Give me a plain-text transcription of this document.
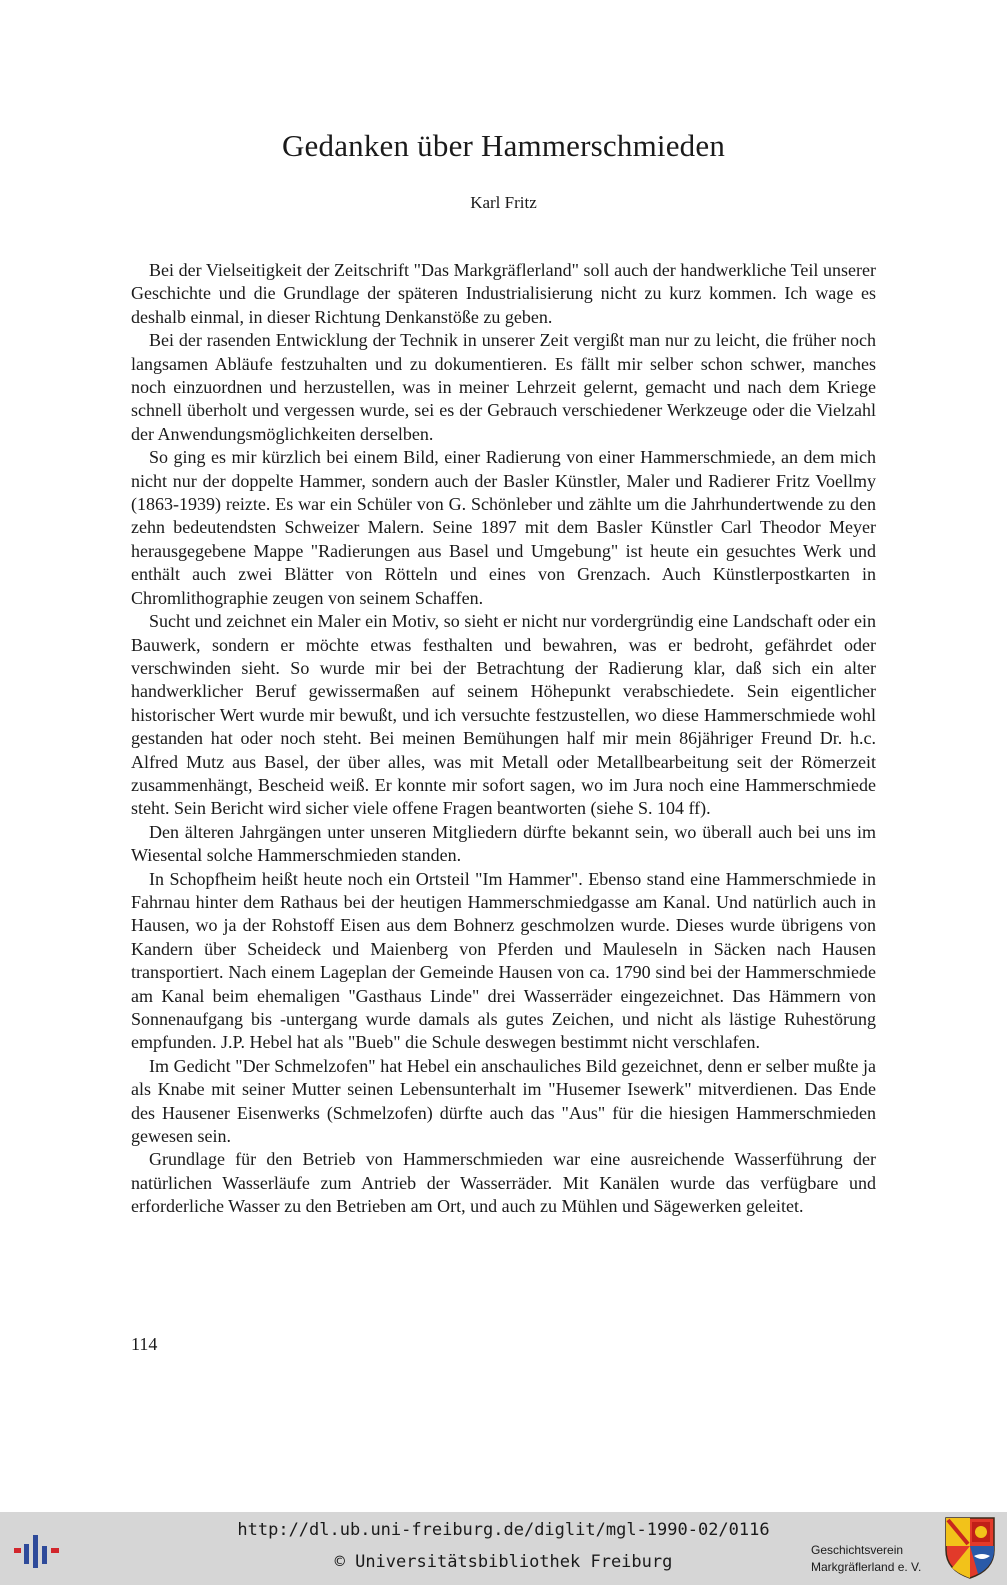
Gedanken über Hammerschmieden
Karl Fritz

Bei der Vielseitigkeit der Zeitschrift "Das Markgräflerland" soll auch der handwerkliche Teil unserer Geschichte und die Grundlage der späteren Industrialisierung nicht zu kurz kommen. Ich wage es deshalb einmal, in dieser Richtung Denkanstöße zu geben.

Bei der rasenden Entwicklung der Technik in unserer Zeit vergißt man nur zu leicht, die früher noch langsamen Abläufe festzuhalten und zu dokumentieren. Es fällt mir selber schon schwer, manches noch einzuordnen und herzustellen, was in meiner Lehrzeit gelernt, gemacht und nach dem Kriege schnell überholt und vergessen wurde, sei es der Gebrauch verschiedener Werkzeuge oder die Vielzahl der Anwendungsmöglichkeiten derselben.

So ging es mir kürzlich bei einem Bild, einer Radierung von einer Hammerschmiede, an dem mich nicht nur der doppelte Hammer, sondern auch der Basler Künstler, Maler und Radierer Fritz Voellmy (1863-1939) reizte. Es war ein Schüler von G. Schönleber und zählte um die Jahrhundertwende zu den zehn bedeutendsten Schweizer Malern. Seine 1897 mit dem Basler Künstler Carl Theodor Meyer herausgegebene Mappe "Radierungen aus Basel und Umgebung" ist heute ein gesuchtes Werk und enthält auch zwei Blätter von Rötteln und eines von Grenzach. Auch Künstlerpostkarten in Chromlithographie zeugen von seinem Schaffen.

Sucht und zeichnet ein Maler ein Motiv, so sieht er nicht nur vordergründig eine Landschaft oder ein Bauwerk, sondern er möchte etwas festhalten und bewahren, was er bedroht, gefährdet oder verschwinden sieht. So wurde mir bei der Betrachtung der Radierung klar, daß sich ein alter handwerklicher Beruf gewissermaßen auf seinem Höhepunkt verabschiedete. Sein eigentlicher historischer Wert wurde mir bewußt, und ich versuchte festzustellen, wo diese Hammerschmiede wohl gestanden hat oder noch steht. Bei meinen Bemühungen half mir mein 86jähriger Freund Dr. h.c. Alfred Mutz aus Basel, der über alles, was mit Metall oder Metallbearbeitung seit der Römerzeit zusammenhängt, Bescheid weiß. Er konnte mir sofort sagen, wo im Jura noch eine Hammerschmiede steht. Sein Bericht wird sicher viele offene Fragen beantworten (siehe S. 104 ff).

Den älteren Jahrgängen unter unseren Mitgliedern dürfte bekannt sein, wo überall auch bei uns im Wiesental solche Hammerschmieden standen.

In Schopfheim heißt heute noch ein Ortsteil "Im Hammer". Ebenso stand eine Hammerschmiede in Fahrnau hinter dem Rathaus bei der heutigen Hammerschmiedgasse am Kanal. Und natürlich auch in Hausen, wo ja der Rohstoff Eisen aus dem Bohnerz geschmolzen wurde. Dieses wurde übrigens von Kandern über Scheideck und Maienberg von Pferden und Mauleseln in Säcken nach Hausen transportiert. Nach einem Lageplan der Gemeinde Hausen von ca. 1790 sind bei der Hammerschmiede am Kanal beim ehemaligen "Gasthaus Linde" drei Wasserräder eingezeichnet. Das Hämmern von Sonnenaufgang bis -untergang wurde damals als gutes Zeichen, und nicht als lästige Ruhestörung empfunden. J.P. Hebel hat als "Bueb" die Schule deswegen bestimmt nicht verschlafen.

Im Gedicht "Der Schmelzofen" hat Hebel ein anschauliches Bild gezeichnet, denn er selber mußte ja als Knabe mit seiner Mutter seinen Lebensunterhalt im "Husemer Isewerk" mitverdienen. Das Ende des Hausener Eisenwerks (Schmelzofen) dürfte auch das "Aus" für die hiesigen Hammerschmieden gewesen sein.

Grundlage für den Betrieb von Hammerschmieden war eine ausreichende Wasserführung der natürlichen Wasserläufe zum Antrieb der Wasserräder. Mit Kanälen wurde das verfügbare und erforderliche Wasser zu den Betrieben am Ort, und auch zu Mühlen und Sägewerken geleitet.

114
http://dl.ub.uni-freiburg.de/diglit/mgl-1990-02/0116
© Universitätsbibliothek Freiburg
Geschichtsverein
Markgräflerland e. V.
